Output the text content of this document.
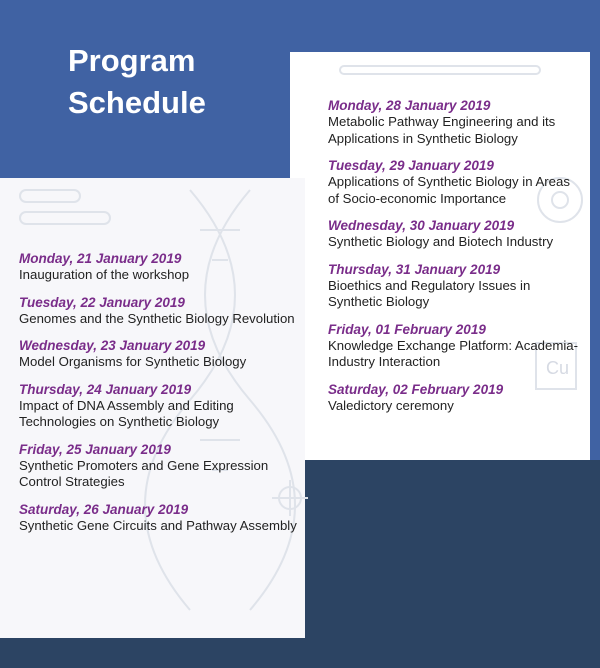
Program
Schedule
Cu
Monday, 21 January 2019
Inauguration of the workshop
Tuesday, 22 January 2019
Genomes and the Synthetic Biology Revolution
Wednesday, 23 January 2019
Model Organisms for Synthetic Biology
Thursday, 24 January 2019
Impact of DNA Assembly and Editing Technologies on Synthetic Biology
Friday, 25 January 2019
Synthetic Promoters and Gene Expression Control Strategies
Saturday, 26 January 2019
Synthetic Gene Circuits and Pathway Assembly
Monday, 28 January 2019
Metabolic Pathway Engineering and its Applications in Synthetic Biology
Tuesday, 29 January 2019
Applications of Synthetic Biology in Areas of Socio-economic Importance
Wednesday, 30 January 2019
Synthetic Biology and Biotech Industry
Thursday, 31 January 2019
Bioethics and Regulatory Issues in Synthetic Biology
Friday, 01 February 2019
Knowledge Exchange Platform: Academia-Industry Interaction
Saturday, 02 February 2019
Valedictory ceremony
